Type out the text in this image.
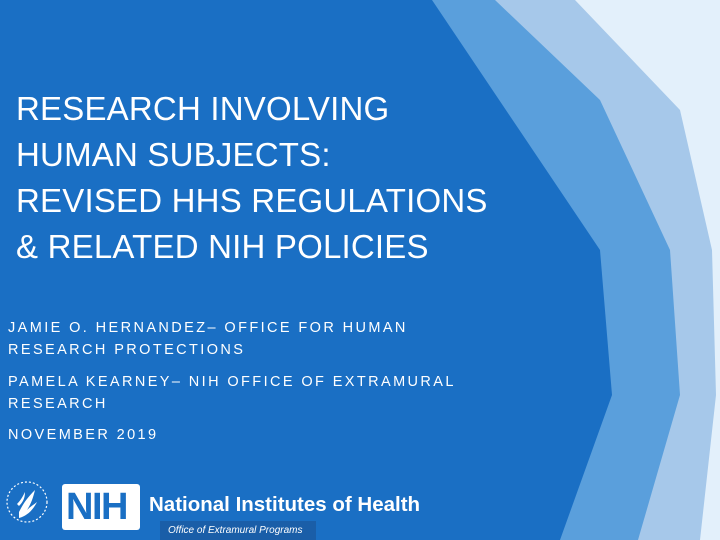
RESEARCH INVOLVING
HUMAN SUBJECTS:
REVISED HHS REGULATIONS
& RELATED NIH POLICIES

JAMIE O. HERNANDEZ– OFFICE FOR HUMAN
RESEARCH PROTECTIONS

PAMELA KEARNEY– NIH OFFICE OF EXTRAMURAL
RESEARCH

NOVEMBER 2019

NIH	National Institutes of Health
Office of Extramural Programs
